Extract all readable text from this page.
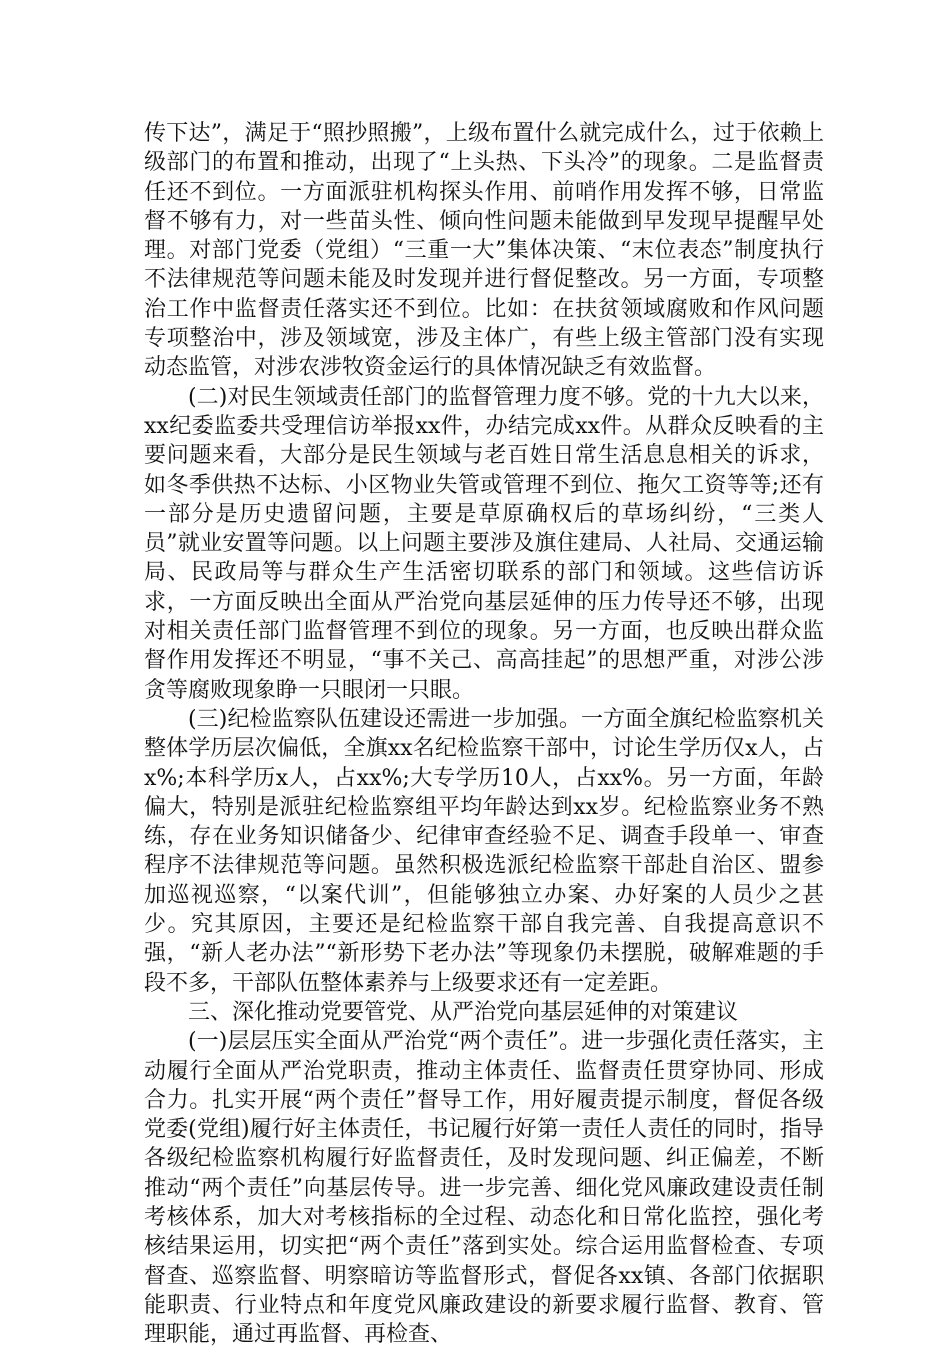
传下达”，满足于“照抄照搬”，上级布置什么就完成什么，过于依赖上级部门的布置和推动，出现了“上头热、下头冷”的现象。二是监督责任还不到位。一方面派驻机构探头作用、前哨作用发挥不够，日常监督不够有力，对一些苗头性、倾向性问题未能做到早发现早提醒早处理。对部门党委（党组）“三重一大”集体决策、“末位表态”制度执行不法律规范等问题未能及时发现并进行督促整改。另一方面，专项整治工作中监督责任落实还不到位。比如：在扶贫领域腐败和作风问题专项整治中，涉及领域宽，涉及主体广，有些上级主管部门没有实现动态监管，对涉农涉牧资金运行的具体情况缺乏有效监督。

(二)对民生领域责任部门的监督管理力度不够。党的十九大以来，xx纪委监委共受理信访举报xx件，办结完成xx件。从群众反映看的主要问题来看，大部分是民生领域与老百姓日常生活息息相关的诉求，如冬季供热不达标、小区物业失管或管理不到位、拖欠工资等等;还有一部分是历史遗留问题，主要是草原确权后的草场纠纷，“三类人员”就业安置等问题。以上问题主要涉及旗住建局、人社局、交通运输局、民政局等与群众生产生活密切联系的部门和领域。这些信访诉求，一方面反映出全面从严治党向基层延伸的压力传导还不够，出现对相关责任部门监督管理不到位的现象。另一方面，也反映出群众监督作用发挥还不明显，“事不关己、高高挂起”的思想严重，对涉公涉贪等腐败现象睁一只眼闭一只眼。

(三)纪检监察队伍建设还需进一步加强。一方面全旗纪检监察机关整体学历层次偏低，全旗xx名纪检监察干部中，讨论生学历仅x人，占x%;本科学历x人，占xx%;大专学历10人，占xx%。另一方面，年龄偏大，特别是派驻纪检监察组平均年龄达到xx岁。纪检监察业务不熟练，存在业务知识储备少、纪律审查经验不足、调查手段单一、审查程序不法律规范等问题。虽然积极选派纪检监察干部赴自治区、盟参加巡视巡察，“以案代训”，但能够独立办案、办好案的人员少之甚少。究其原因，主要还是纪检监察干部自我完善、自我提高意识不强，“新人老办法”“新形势下老办法”等现象仍未摆脱，破解难题的手段不多，干部队伍整体素养与上级要求还有一定差距。

三、深化推动党要管党、从严治党向基层延伸的对策建议

(一)层层压实全面从严治党“两个责任”。进一步强化责任落实，主动履行全面从严治党职责，推动主体责任、监督责任贯穿协同、形成合力。扎实开展“两个责任”督导工作，用好履责提示制度，督促各级党委(党组)履行好主体责任，书记履行好第一责任人责任的同时，指导各级纪检监察机构履行好监督责任，及时发现问题、纠正偏差，不断推动“两个责任”向基层传导。进一步完善、细化党风廉政建设责任制考核体系，加大对考核指标的全过程、动态化和日常化监控，强化考核结果运用，切实把“两个责任”落到实处。综合运用监督检查、专项督查、巡察监督、明察暗访等监督形式，督促各xx镇、各部门依据职能职责、行业特点和年度党风廉政建设的新要求履行监督、教育、管理职能，通过再监督、再检查、
